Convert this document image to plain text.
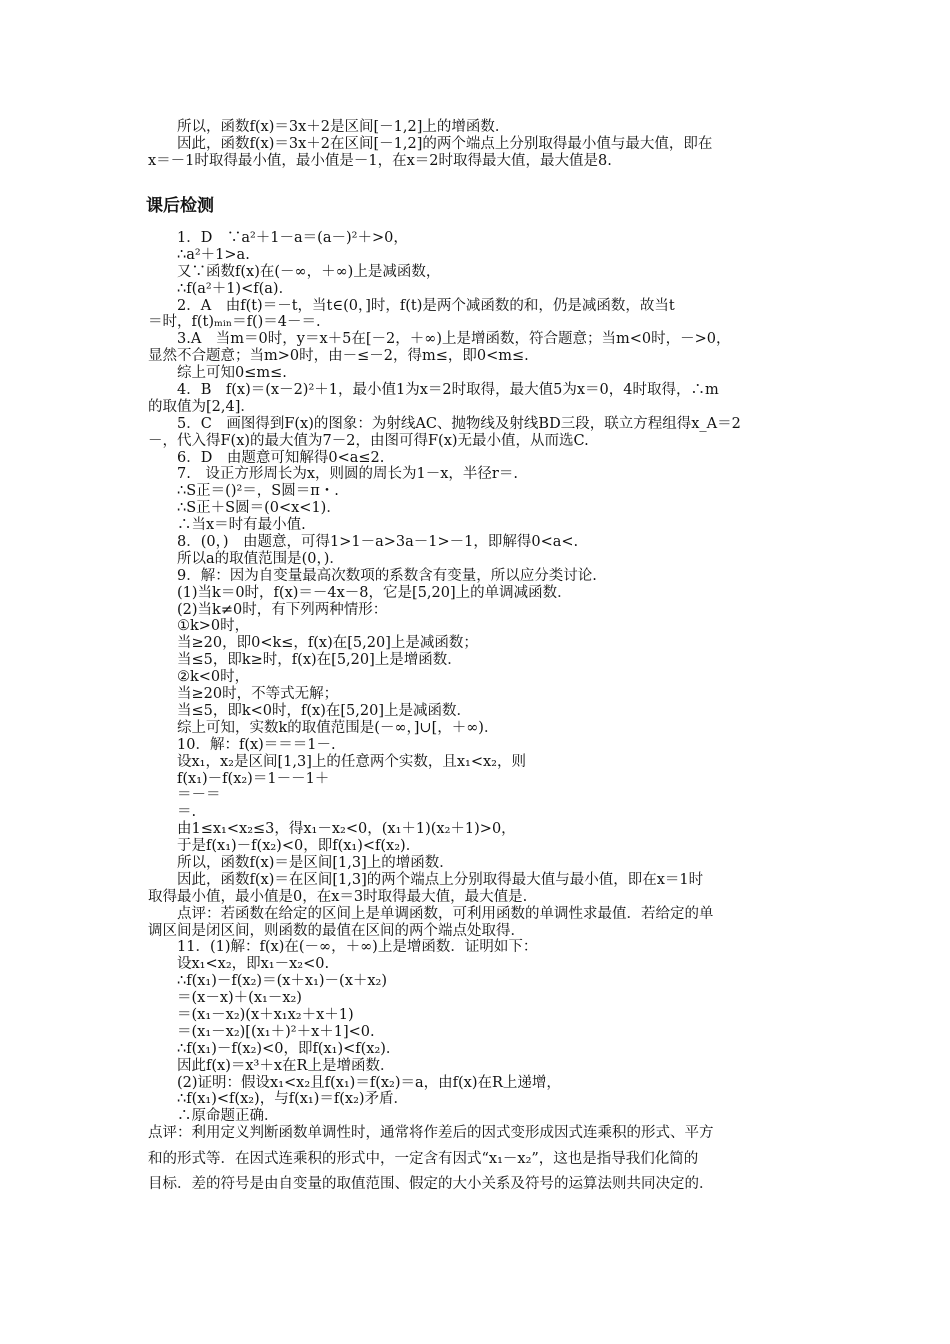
所以，函数f(x)＝3x＋2是区间[－1,2]上的增函数．
因此，函数f(x)＝3x＋2在区间[－1,2]的两个端点上分别取得最小值与最大值，即在
x＝－1时取得最小值，最小值是－1，在x＝2时取得最大值，最大值是8.
课后检测
1．D　∵a²＋1－a＝(a－)²＋>0，
∴a²＋1>a.
又∵函数f(x)在(－∞，＋∞)上是减函数，
∴f(a²＋1)<f(a)．
2．A　由f(t)＝－t，当t∈(0，]时，f(t)是两个减函数的和，仍是减函数，故当t
＝时，f(t)ₘᵢₙ＝f()＝4－＝.
3.A　当m＝0时，y＝x＋5在[－2，＋∞)上是增函数，符合题意；当m<0时，－>0，
显然不合题意；当m>0时，由－≤－2，得m≤，即0<m≤.
综上可知0≤m≤.
4．B　f(x)＝(x－2)²＋1，最小值1为x＝2时取得，最大值5为x＝0，4时取得，∴m
的取值为[2,4]．
5．C　画图得到F(x)的图象：为射线AC、抛物线及射线BD三段，联立方程组得x_A＝2
－，代入得F(x)的最大值为7－2，由图可得F(x)无最小值，从而选C.
6．D　由题意可知解得0<a≤2.
7.　设正方形周长为x，则圆的周长为1－x，半径r＝.
∴S正＝()²＝，S圆＝π・.
∴S正＋S圆＝(0<x<1)．
∴当x＝时有最小值.
8．(0，)　由题意，可得1>1－a>3a－1>－1，即解得0<a<.
所以a的取值范围是(0，)．
9．解：因为自变量最高次数项的系数含有变量，所以应分类讨论.
(1)当k＝0时，f(x)＝－4x－8，它是[5,20]上的单调减函数．
(2)当k≠0时，有下列两种情形：
①k>0时，
当≥20，即0<k≤，f(x)在[5,20]上是减函数；
当≤5，即k≥时，f(x)在[5,20]上是增函数．
②k<0时，
当≥20时，不等式无解；
当≤5，即k<0时，f(x)在[5,20]上是减函数．
综上可知，实数k的取值范围是(－∞，]∪[，＋∞)．
10．解：f(x)＝＝＝1－.
设x₁，x₂是区间[1,3]上的任意两个实数，且x₁<x₂，则
f(x₁)－f(x₂)＝1－－1＋
＝－＝
＝.
由1≤x₁<x₂≤3，得x₁－x₂<0，(x₁＋1)(x₂＋1)>0，
于是f(x₁)－f(x₂)<0，即f(x₁)<f(x₂)．
所以，函数f(x)＝是区间[1,3]上的增函数．
因此，函数f(x)＝在区间[1,3]的两个端点上分别取得最大值与最小值，即在x＝1时
取得最小值，最小值是0，在x＝3时取得最大值，最大值是.
点评：若函数在给定的区间上是单调函数，可利用函数的单调性求最值．若给定的单
调区间是闭区间，则函数的最值在区间的两个端点处取得．
11．(1)解：f(x)在(－∞，＋∞)上是增函数．证明如下：
设x₁<x₂，即x₁－x₂<0.
∴f(x₁)－f(x₂)＝(x＋x₁)－(x＋x₂)
＝(x－x)＋(x₁－x₂)
＝(x₁－x₂)(x＋x₁x₂＋x＋1)
＝(x₁－x₂)[(x₁＋)²＋x＋1]<0.
∴f(x₁)－f(x₂)<0，即f(x₁)<f(x₂)．
因此f(x)＝x³＋x在R上是增函数．
(2)证明：假设x₁<x₂且f(x₁)＝f(x₂)＝a，由f(x)在R上递增，
∴f(x₁)<f(x₂)，与f(x₁)＝f(x₂)矛盾．
∴原命题正确．
点评：利用定义判断函数单调性时，通常将作差后的因式变形成因式连乘积的形式、平方
和的形式等．在因式连乘积的形式中，一定含有因式“x₁－x₂”，这也是指导我们化简的
目标．差的符号是由自变量的取值范围、假定的大小关系及符号的运算法则共同决定的．
